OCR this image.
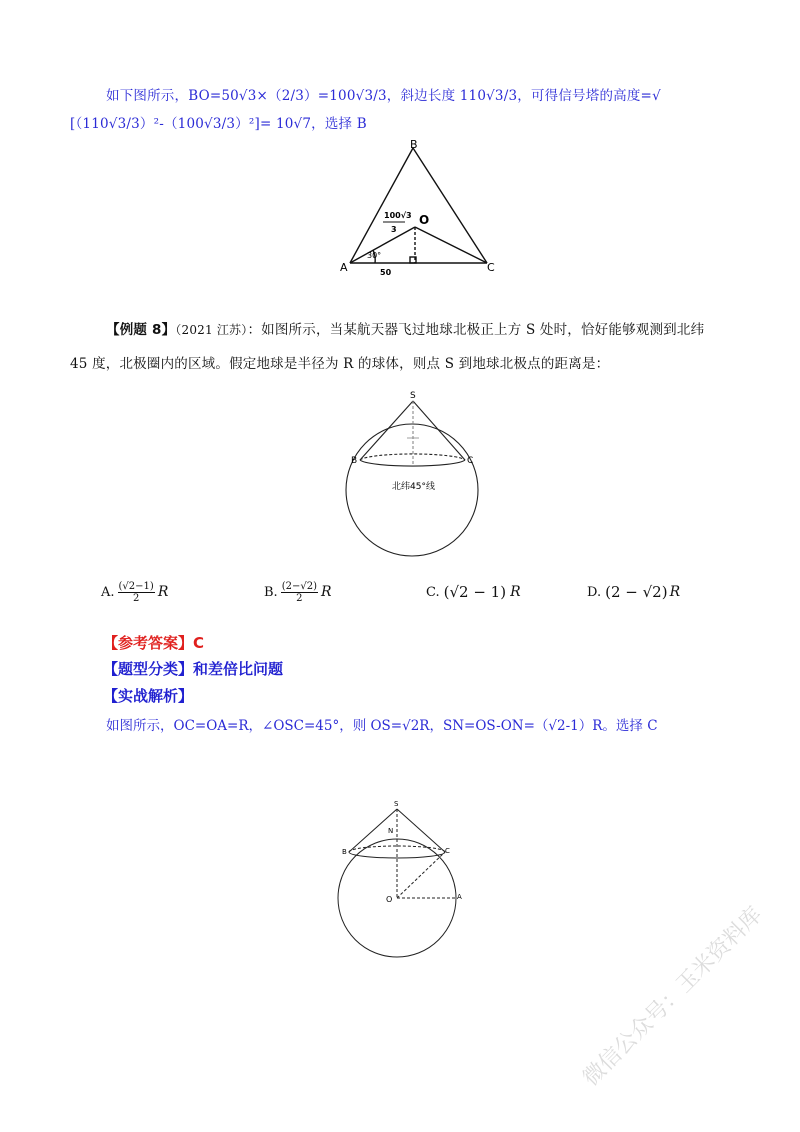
如下图所示，BO=50√3×（2/3）=100√3/3，斜边长度 110√3/3，可得信号塔的高度=√
[（110√3/3）²-（100√3/3）²]= 10√7，选择 B
B
O
100√3
3
30°
A	C
50
【例题 8】（2021 江苏）：如图所示，当某航天器飞过地球北极正上方 S 处时，恰好能够观测到北纬
45 度，北极圈内的区域。假定地球是半径为 R 的球体，则点 S 到地球北极点的距离是：
S
B	C
北纬45°线
A. $\frac{(√2-1)}{2}$ R	B. $\frac{(2-√2)}{2}$ R	C. (√2 − 1) R	D. (2 − √2) R
【参考答案】C
【题型分类】和差倍比问题
【实战解析】
如图所示，OC=OA=R，∠OSC=45°，则 OS=√2R，SN=OS-ON=（√2-1）R。选择 C
S
N
B	C
O	A
微信公众号：玉米资料库
